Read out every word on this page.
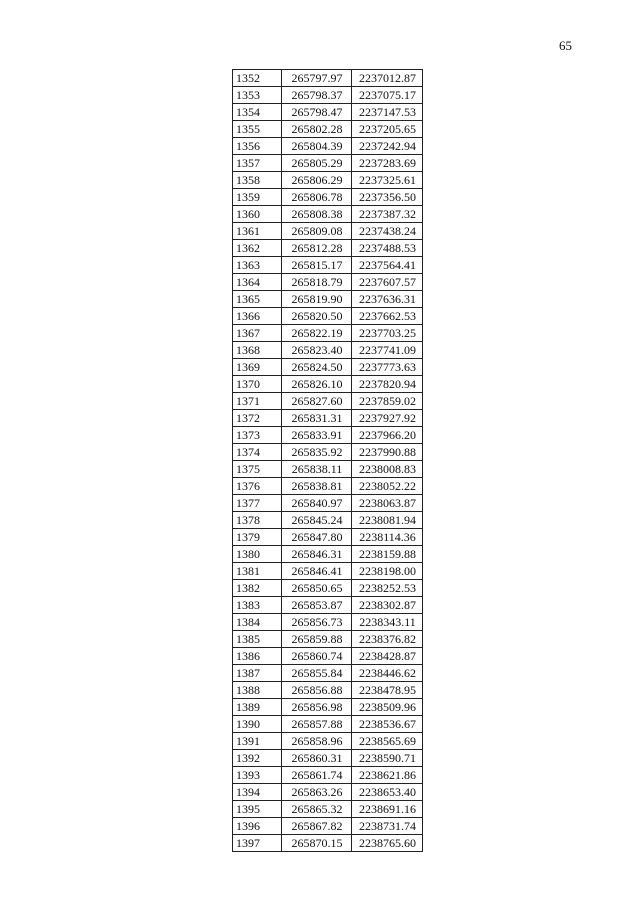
65
1352	265797.97	2237012.87
1353	265798.37	2237075.17
1354	265798.47	2237147.53
1355	265802.28	2237205.65
1356	265804.39	2237242.94
1357	265805.29	2237283.69
1358	265806.29	2237325.61
1359	265806.78	2237356.50
1360	265808.38	2237387.32
1361	265809.08	2237438.24
1362	265812.28	2237488.53
1363	265815.17	2237564.41
1364	265818.79	2237607.57
1365	265819.90	2237636.31
1366	265820.50	2237662.53
1367	265822.19	2237703.25
1368	265823.40	2237741.09
1369	265824.50	2237773.63
1370	265826.10	2237820.94
1371	265827.60	2237859.02
1372	265831.31	2237927.92
1373	265833.91	2237966.20
1374	265835.92	2237990.88
1375	265838.11	2238008.83
1376	265838.81	2238052.22
1377	265840.97	2238063.87
1378	265845.24	2238081.94
1379	265847.80	2238114.36
1380	265846.31	2238159.88
1381	265846.41	2238198.00
1382	265850.65	2238252.53
1383	265853.87	2238302.87
1384	265856.73	2238343.11
1385	265859.88	2238376.82
1386	265860.74	2238428.87
1387	265855.84	2238446.62
1388	265856.88	2238478.95
1389	265856.98	2238509.96
1390	265857.88	2238536.67
1391	265858.96	2238565.69
1392	265860.31	2238590.71
1393	265861.74	2238621.86
1394	265863.26	2238653.40
1395	265865.32	2238691.16
1396	265867.82	2238731.74
1397	265870.15	2238765.60
